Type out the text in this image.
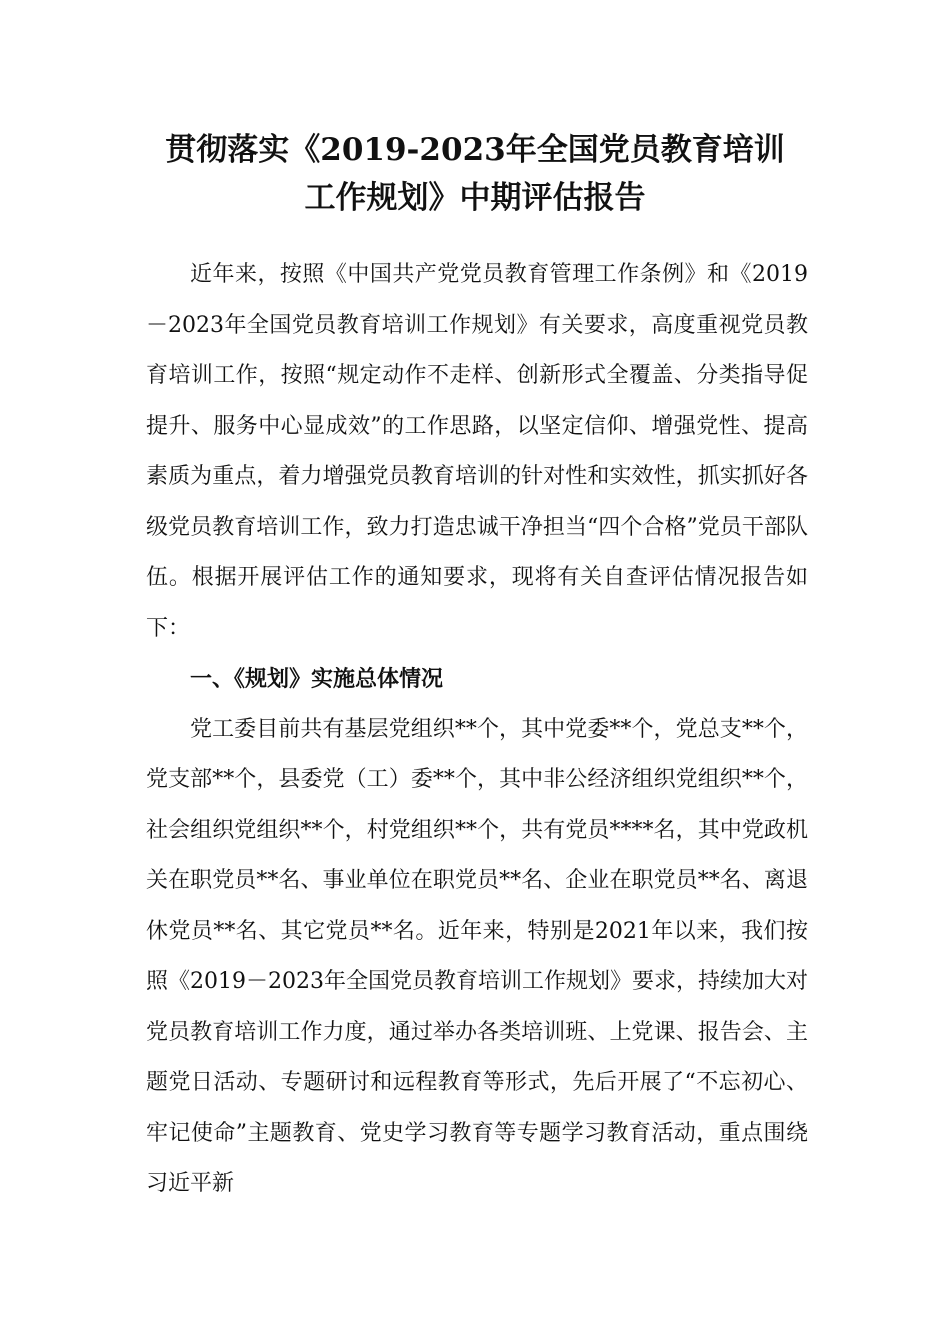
贯彻落实《2019-2023年全国党员教育培训工作规划》中期评估报告

近年来，按照《中国共产党党员教育管理工作条例》和《2019－2023年全国党员教育培训工作规划》有关要求，高度重视党员教育培训工作，按照“规定动作不走样、创新形式全覆盖、分类指导促提升、服务中心显成效”的工作思路，以坚定信仰、增强党性、提高素质为重点，着力增强党员教育培训的针对性和实效性，抓实抓好各级党员教育培训工作，致力打造忠诚干净担当“四个合格”党员干部队伍。根据开展评估工作的通知要求，现将有关自查评估情况报告如下：

一、《规划》实施总体情况

党工委目前共有基层党组织**个，其中党委**个，党总支**个，党支部**个，县委党（工）委**个，其中非公经济组织党组织**个，社会组织党组织**个，村党组织**个，共有党员****名，其中党政机关在职党员**名、事业单位在职党员**名、企业在职党员**名、离退休党员**名、其它党员**名。近年来，特别是2021年以来，我们按照《2019－2023年全国党员教育培训工作规划》要求，持续加大对党员教育培训工作力度，通过举办各类培训班、上党课、报告会、主题党日活动、专题研讨和远程教育等形式，先后开展了“不忘初心、牢记使命”主题教育、党史学习教育等专题学习教育活动，重点围绕习近平新
